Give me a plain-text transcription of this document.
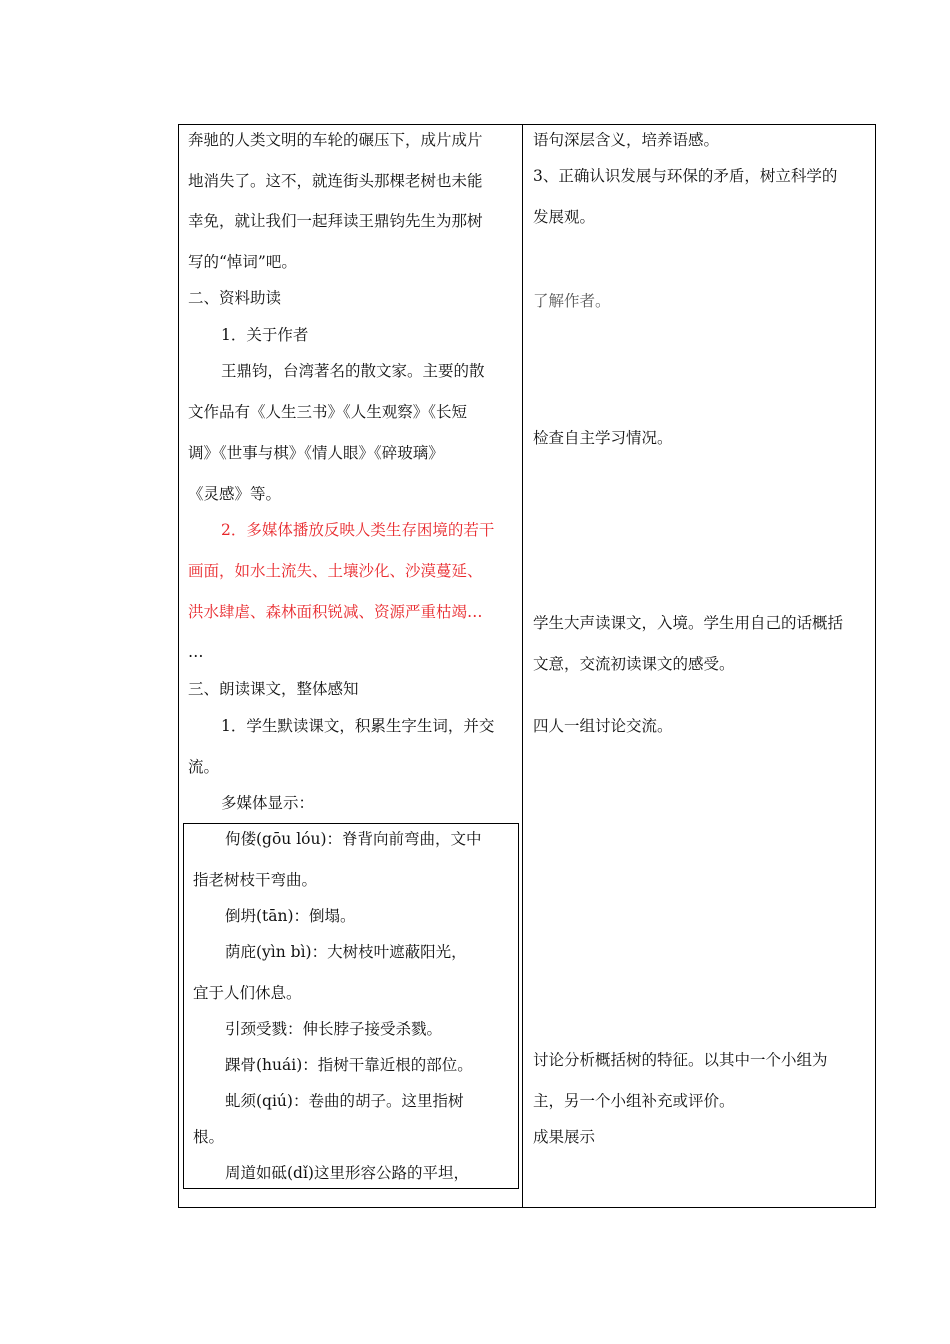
奔驰的人类文明的车轮的碾压下，成片成片
地消失了。这不，就连街头那棵老树也未能
幸免，就让我们一起拜读王鼎钧先生为那树
写的“悼词”吧。
二、资料助读
1．关于作者
王鼎钧，台湾著名的散文家。主要的散
文作品有《人生三书》《人生观察》《长短
调》《世事与棋》《情人眼》《碎玻璃》
《灵感》等。
2．多媒体播放反映人类生存困境的若干
画面，如水土流失、土壤沙化、沙漠蔓延、
洪水肆虐、森林面积锐减、资源严重枯竭…
…
三、朗读课文，整体感知
1．学生默读课文，积累生字生词，并交
流。
多媒体显示：
佝偻(gōu lóu)：脊背向前弯曲，文中
指老树枝干弯曲。
倒坍(tān)：倒塌。
荫庇(yìn bì)：大树枝叶遮蔽阳光，
宜于人们休息。
引颈受戮：伸长脖子接受杀戮。
踝骨(huái)：指树干靠近根的部位。
虬须(qiú)：卷曲的胡子。这里指树
根。
周道如砥(dǐ)这里形容公路的平坦，
语句深层含义，培养语感。
3、正确认识发展与环保的矛盾，树立科学的
发展观。
了解作者。
检查自主学习情况。
学生大声读课文，入境。学生用自己的话概括
文意，交流初读课文的感受。
四人一组讨论交流。
讨论分析概括树的特征。以其中一个小组为
主，另一个小组补充或评价。
成果展示
